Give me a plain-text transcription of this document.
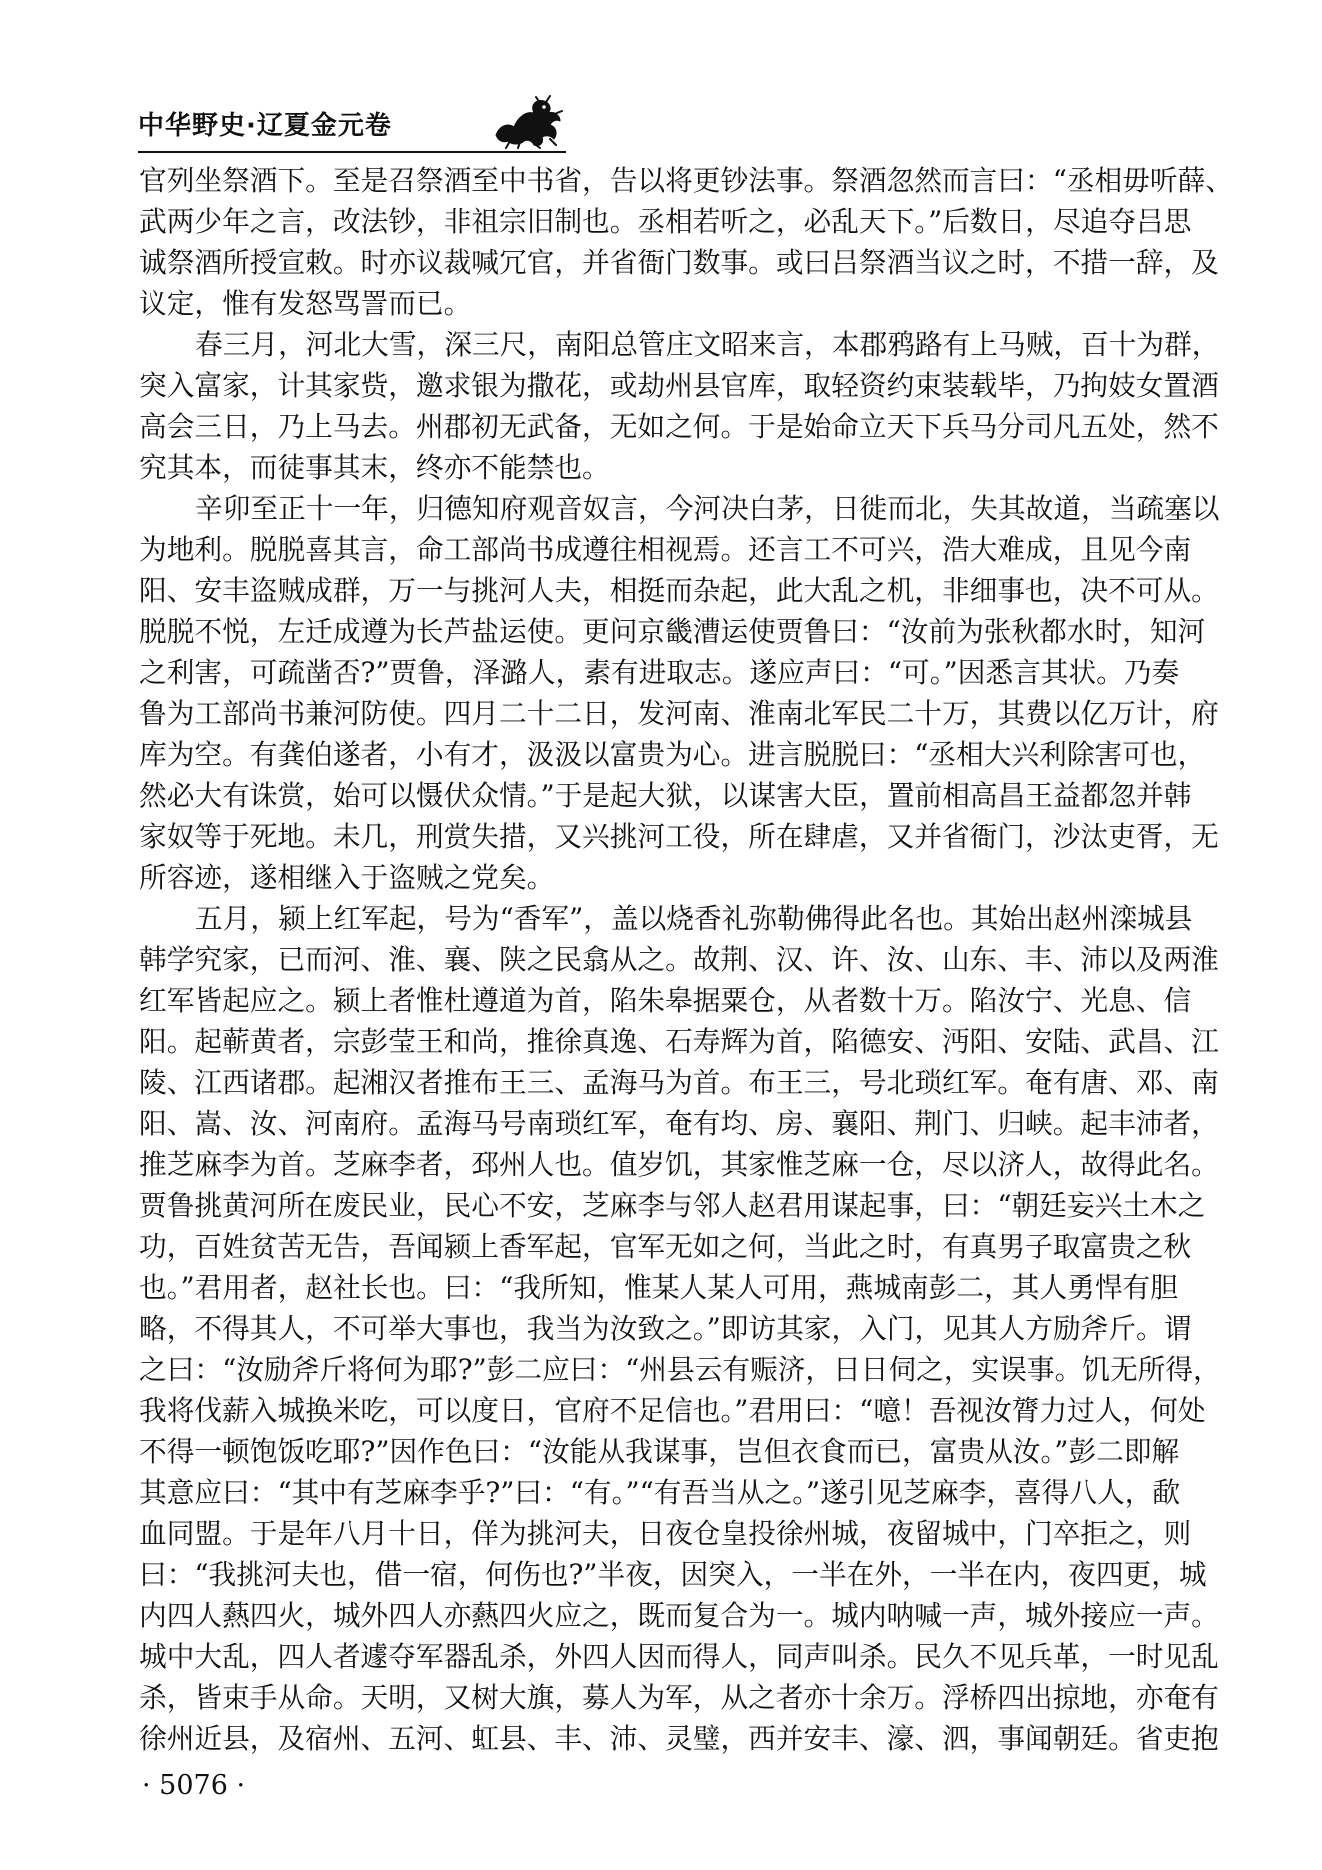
中华野史·辽夏金元卷
官列坐祭酒下。至是召祭酒至中书省，告以将更钞法事。祭酒忽然而言曰：“丞相毋听薛、
武两少年之言，改法钞，非祖宗旧制也。丞相若听之，必乱天下。”后数日，尽追夺吕思
诚祭酒所授宣敕。时亦议裁喊冗官，并省衙门数事。或曰吕祭酒当议之时，不措一辞，及
议定，惟有发怒骂詈而已。
春三月，河北大雪，深三尺，南阳总管庄文昭来言，本郡鸦路有上马贼，百十为群，
突入富家，计其家赀，邀求银为撒花，或劫州县官库，取轻资约束装载毕，乃拘妓女置酒
高会三日，乃上马去。州郡初无武备，无如之何。于是始命立天下兵马分司凡五处，然不
究其本，而徒事其末，终亦不能禁也。
辛卯至正十一年，归德知府观音奴言，今河决白茅，日徙而北，失其故道，当疏塞以
为地利。脱脱喜其言，命工部尚书成遵往相视焉。还言工不可兴，浩大难成，且见今南
阳、安丰盗贼成群，万一与挑河人夫，相挺而杂起，此大乱之机，非细事也，决不可从。
脱脱不悦，左迁成遵为长芦盐运使。更问京畿漕运使贾鲁曰：“汝前为张秋都水时，知河
之利害，可疏凿否?”贾鲁，泽潞人，素有进取志。遂应声曰：“可。”因悉言其状。乃奏
鲁为工部尚书兼河防使。四月二十二日，发河南、淮南北军民二十万，其费以亿万计，府
库为空。有龚伯遂者，小有才，汲汲以富贵为心。进言脱脱曰：“丞相大兴利除害可也，
然必大有诛赏，始可以慑伏众情。”于是起大狱，以谋害大臣，置前相高昌王益都忽并韩
家奴等于死地。未几，刑赏失措，又兴挑河工役，所在肆虐，又并省衙门，沙汰吏胥，无
所容迹，遂相继入于盗贼之党矣。
五月，颍上红军起，号为“香军”，盖以烧香礼弥勒佛得此名也。其始出赵州滦城县
韩学究家，已而河、淮、襄、陕之民翕从之。故荆、汉、许、汝、山东、丰、沛以及两淮
红军皆起应之。颍上者惟杜遵道为首，陷朱皋据粟仓，从者数十万。陷汝宁、光息、信
阳。起蕲黄者，宗彭莹王和尚，推徐真逸、石寿辉为首，陷德安、沔阳、安陆、武昌、江
陵、江西诸郡。起湘汉者推布王三、孟海马为首。布王三，号北琐红军。奄有唐、邓、南
阳、嵩、汝、河南府。孟海马号南琐红军，奄有均、房、襄阳、荆门、归峡。起丰沛者，
推芝麻李为首。芝麻李者，邳州人也。值岁饥，其家惟芝麻一仓，尽以济人，故得此名。
贾鲁挑黄河所在废民业，民心不安，芝麻李与邻人赵君用谋起事，曰：“朝廷妄兴土木之
功，百姓贫苦无告，吾闻颍上香军起，官军无如之何，当此之时，有真男子取富贵之秋
也。”君用者，赵社长也。曰：“我所知，惟某人某人可用，燕城南彭二，其人勇悍有胆
略，不得其人，不可举大事也，我当为汝致之。”即访其家，入门，见其人方励斧斤。谓
之曰：“汝励斧斤将何为耶?”彭二应曰：“州县云有赈济，日日伺之，实误事。饥无所得，
我将伐薪入城换米吃，可以度日，官府不足信也。”君用曰：“噫！吾视汝膂力过人，何处
不得一顿饱饭吃耶?”因作色曰：“汝能从我谋事，岂但衣食而已，富贵从汝。”彭二即解
其意应曰：“其中有芝麻李乎?”曰：“有。”“有吾当从之。”遂引见芝麻李，喜得八人，歃
血同盟。于是年八月十日，佯为挑河夫，日夜仓皇投徐州城，夜留城中，门卒拒之，则
曰：“我挑河夫也，借一宿，何伤也?”半夜，因突入，一半在外，一半在内，夜四更，城
内四人爇四火，城外四人亦爇四火应之，既而复合为一。城内呐喊一声，城外接应一声。
城中大乱，四人者遽夺军器乱杀，外四人因而得人，同声叫杀。民久不见兵革，一时见乱
杀，皆束手从命。天明，又树大旗，募人为军，从之者亦十余万。浮桥四出掠地，亦奄有
徐州近县，及宿州、五河、虹县、丰、沛、灵璧，西并安丰、濠、泗，事闻朝廷。省吏抱
· 5076 ·
